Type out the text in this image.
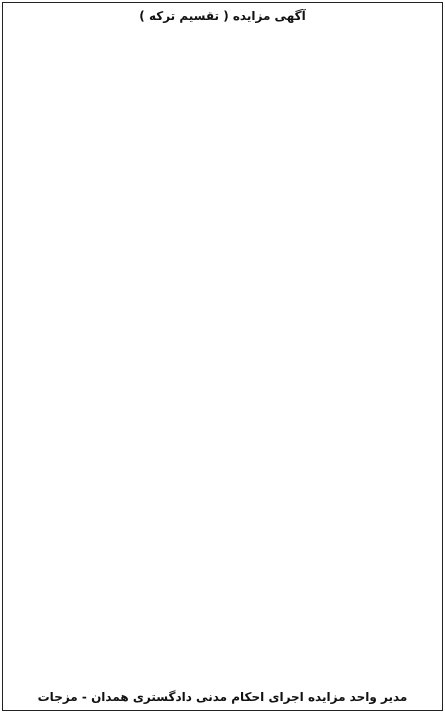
آگهی مزایده ( تقسیم ترکه )
مدیر واحد مزایده اجرای احکام مدنی دادگستری همدان - مزجات
